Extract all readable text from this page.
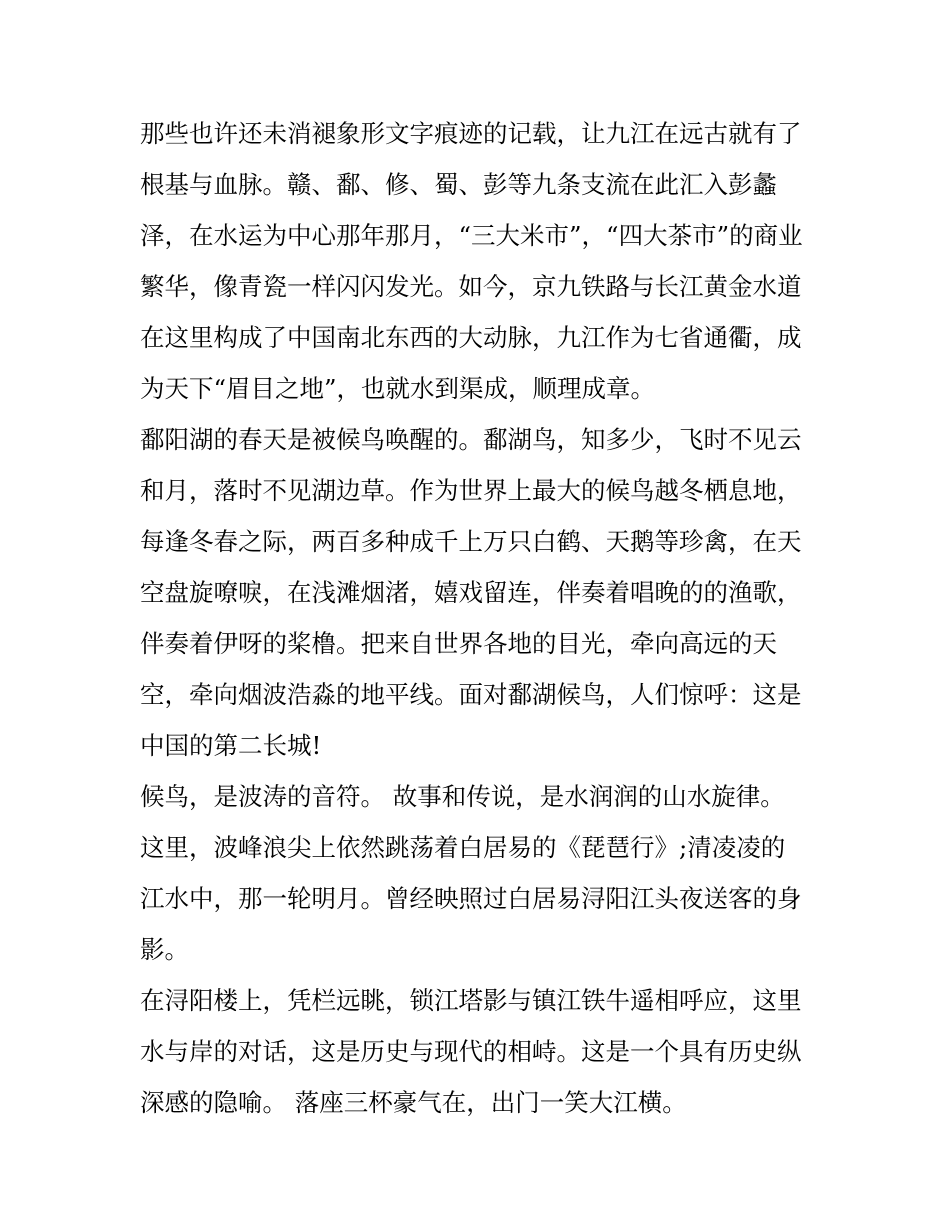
那些也许还未消褪象形文字痕迹的记载，让九江在远古就有了
根基与血脉。赣、鄱、修、蜀、彭等九条支流在此汇入彭蠡
泽，在水运为中心那年那月，“三大米市”，“四大茶市”的商业
繁华，像青瓷一样闪闪发光。如今，京九铁路与长江黄金水道
在这里构成了中国南北东西的大动脉，九江作为七省通衢，成
为天下“眉目之地”，也就水到渠成，顺理成章。
鄱阳湖的春天是被候鸟唤醒的。鄱湖鸟，知多少，飞时不见云
和月，落时不见湖边草。作为世界上最大的候鸟越冬栖息地，
每逢冬春之际，两百多种成千上万只白鹤、天鹅等珍禽，在天
空盘旋嘹唳，在浅滩烟渚，嬉戏留连，伴奏着唱晚的的渔歌，
伴奏着伊呀的桨橹。把来自世界各地的目光，牵向高远的天
空，牵向烟波浩淼的地平线。面对鄱湖候鸟，人们惊呼：这是
中国的第二长城!
候鸟，是波涛的音符。 故事和传说，是水润润的山水旋律。
这里，波峰浪尖上依然跳荡着白居易的《琵琶行》;清凌凌的
江水中，那一轮明月。曾经映照过白居易浔阳江头夜送客的身
影。
在浔阳楼上，凭栏远眺，锁江塔影与镇江铁牛遥相呼应，这里
水与岸的对话，这是历史与现代的相峙。这是一个具有历史纵
深感的隐喻。 落座三杯豪气在，出门一笑大江横。
